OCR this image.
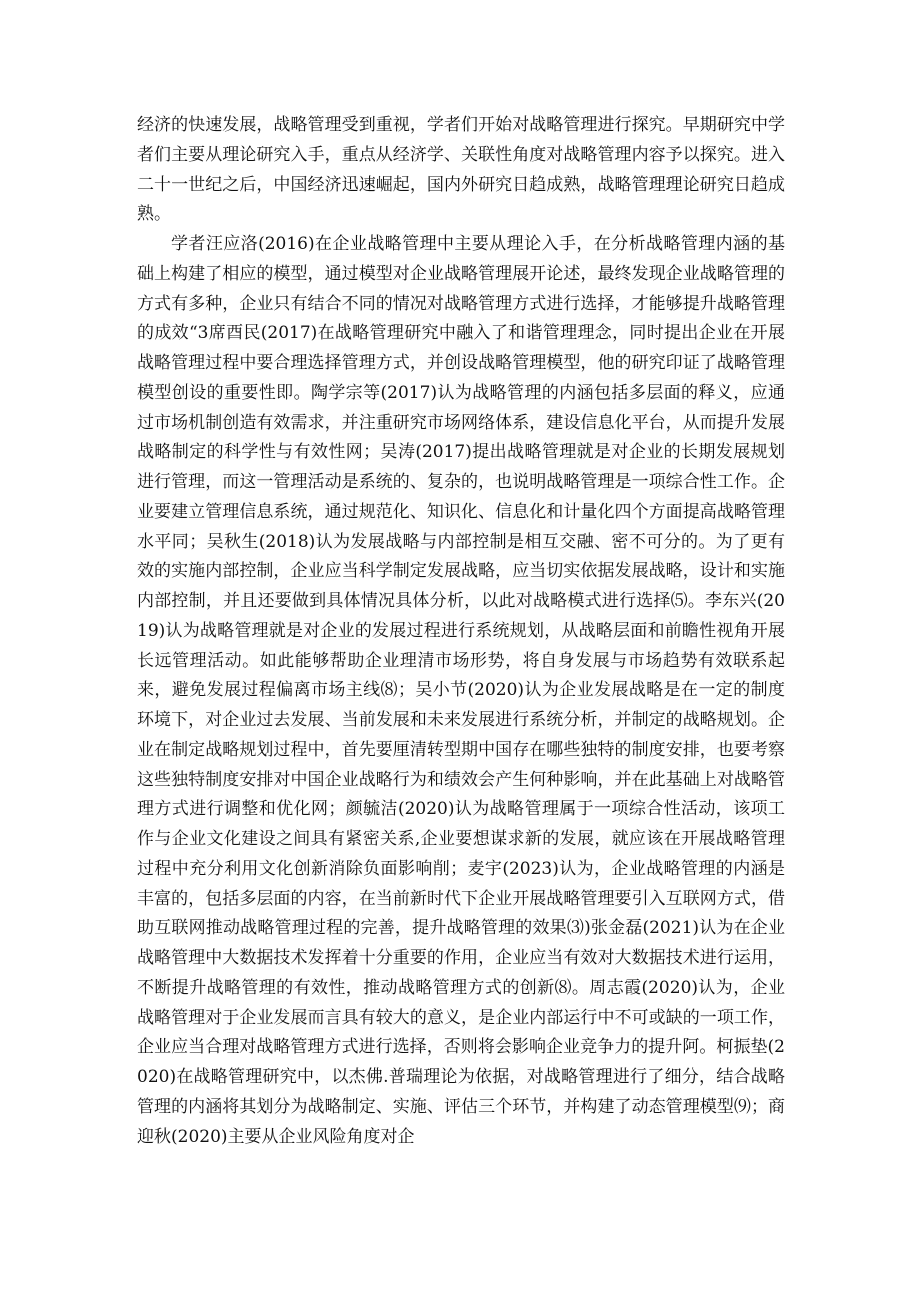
经济的快速发展，战略管理受到重视，学者们开始对战略管理进行探究。早期研究中学者们主要从理论研究入手，重点从经济学、关联性角度对战略管理内容予以探究。进入二十一世纪之后，中国经济迅速崛起，国内外研究日趋成熟，战略管理理论研究日趋成熟。

学者汪应洛(2016)在企业战略管理中主要从理论入手，在分析战略管理内涵的基础上构建了相应的模型，通过模型对企业战略管理展开论述，最终发现企业战略管理的方式有多种，企业只有结合不同的情况对战略管理方式进行选择，才能够提升战略管理的成效“3席酉民(2017)在战略管理研究中融入了和谐管理理念，同时提出企业在开展战略管理过程中要合理选择管理方式，并创设战略管理模型，他的研究印证了战略管理模型创设的重要性即。陶学宗等(2017)认为战略管理的内涵包括多层面的释义，应通过市场机制创造有效需求，并注重研究市场网络体系，建设信息化平台，从而提升发展战略制定的科学性与有效性网；吴涛(2017)提出战略管理就是对企业的长期发展规划进行管理，而这一管理活动是系统的、复杂的，也说明战略管理是一项综合性工作。企业要建立管理信息系统，通过规范化、知识化、信息化和计量化四个方面提高战略管理水平同；吴秋生(2018)认为发展战略与内部控制是相互交融、密不可分的。为了更有效的实施内部控制，企业应当科学制定发展战略，应当切实依据发展战略，设计和实施内部控制，并且还要做到具体情况具体分析，以此对战略模式进行选择⑸。李东兴(2019)认为战略管理就是对企业的发展过程进行系统规划，从战略层面和前瞻性视角开展长远管理活动。如此能够帮助企业理清市场形势，将自身发展与市场趋势有效联系起来，避免发展过程偏离市场主线⑻；吴小节(2020)认为企业发展战略是在一定的制度环境下，对企业过去发展、当前发展和未来发展进行系统分析，并制定的战略规划。企业在制定战略规划过程中，首先要厘清转型期中国存在哪些独特的制度安排，也要考察这些独特制度安排对中国企业战略行为和绩效会产生何种影响，并在此基础上对战略管理方式进行调整和优化网；颜毓洁(2020)认为战略管理属于一项综合性活动，该项工作与企业文化建设之间具有紧密关系,企业要想谋求新的发展，就应该在开展战略管理过程中充分利用文化创新消除负面影响削；麦宇(2023)认为，企业战略管理的内涵是丰富的，包括多层面的内容，在当前新时代下企业开展战略管理要引入互联网方式，借助互联网推动战略管理过程的完善，提升战略管理的效果⑶)张金磊(2021)认为在企业战略管理中大数据技术发挥着十分重要的作用，企业应当有效对大数据技术进行运用，不断提升战略管理的有效性，推动战略管理方式的创新⑻。周志霞(2020)认为，企业战略管理对于企业发展而言具有较大的意义，是企业内部运行中不可或缺的一项工作，企业应当合理对战略管理方式进行选择，否则将会影响企业竞争力的提升阿。柯振垫(2020)在战略管理研究中，以杰佛.普瑞理论为依据，对战略管理进行了细分，结合战略管理的内涵将其划分为战略制定、实施、评估三个环节，并构建了动态管理模型⑼；商迎秋(2020)主要从企业风险角度对企
